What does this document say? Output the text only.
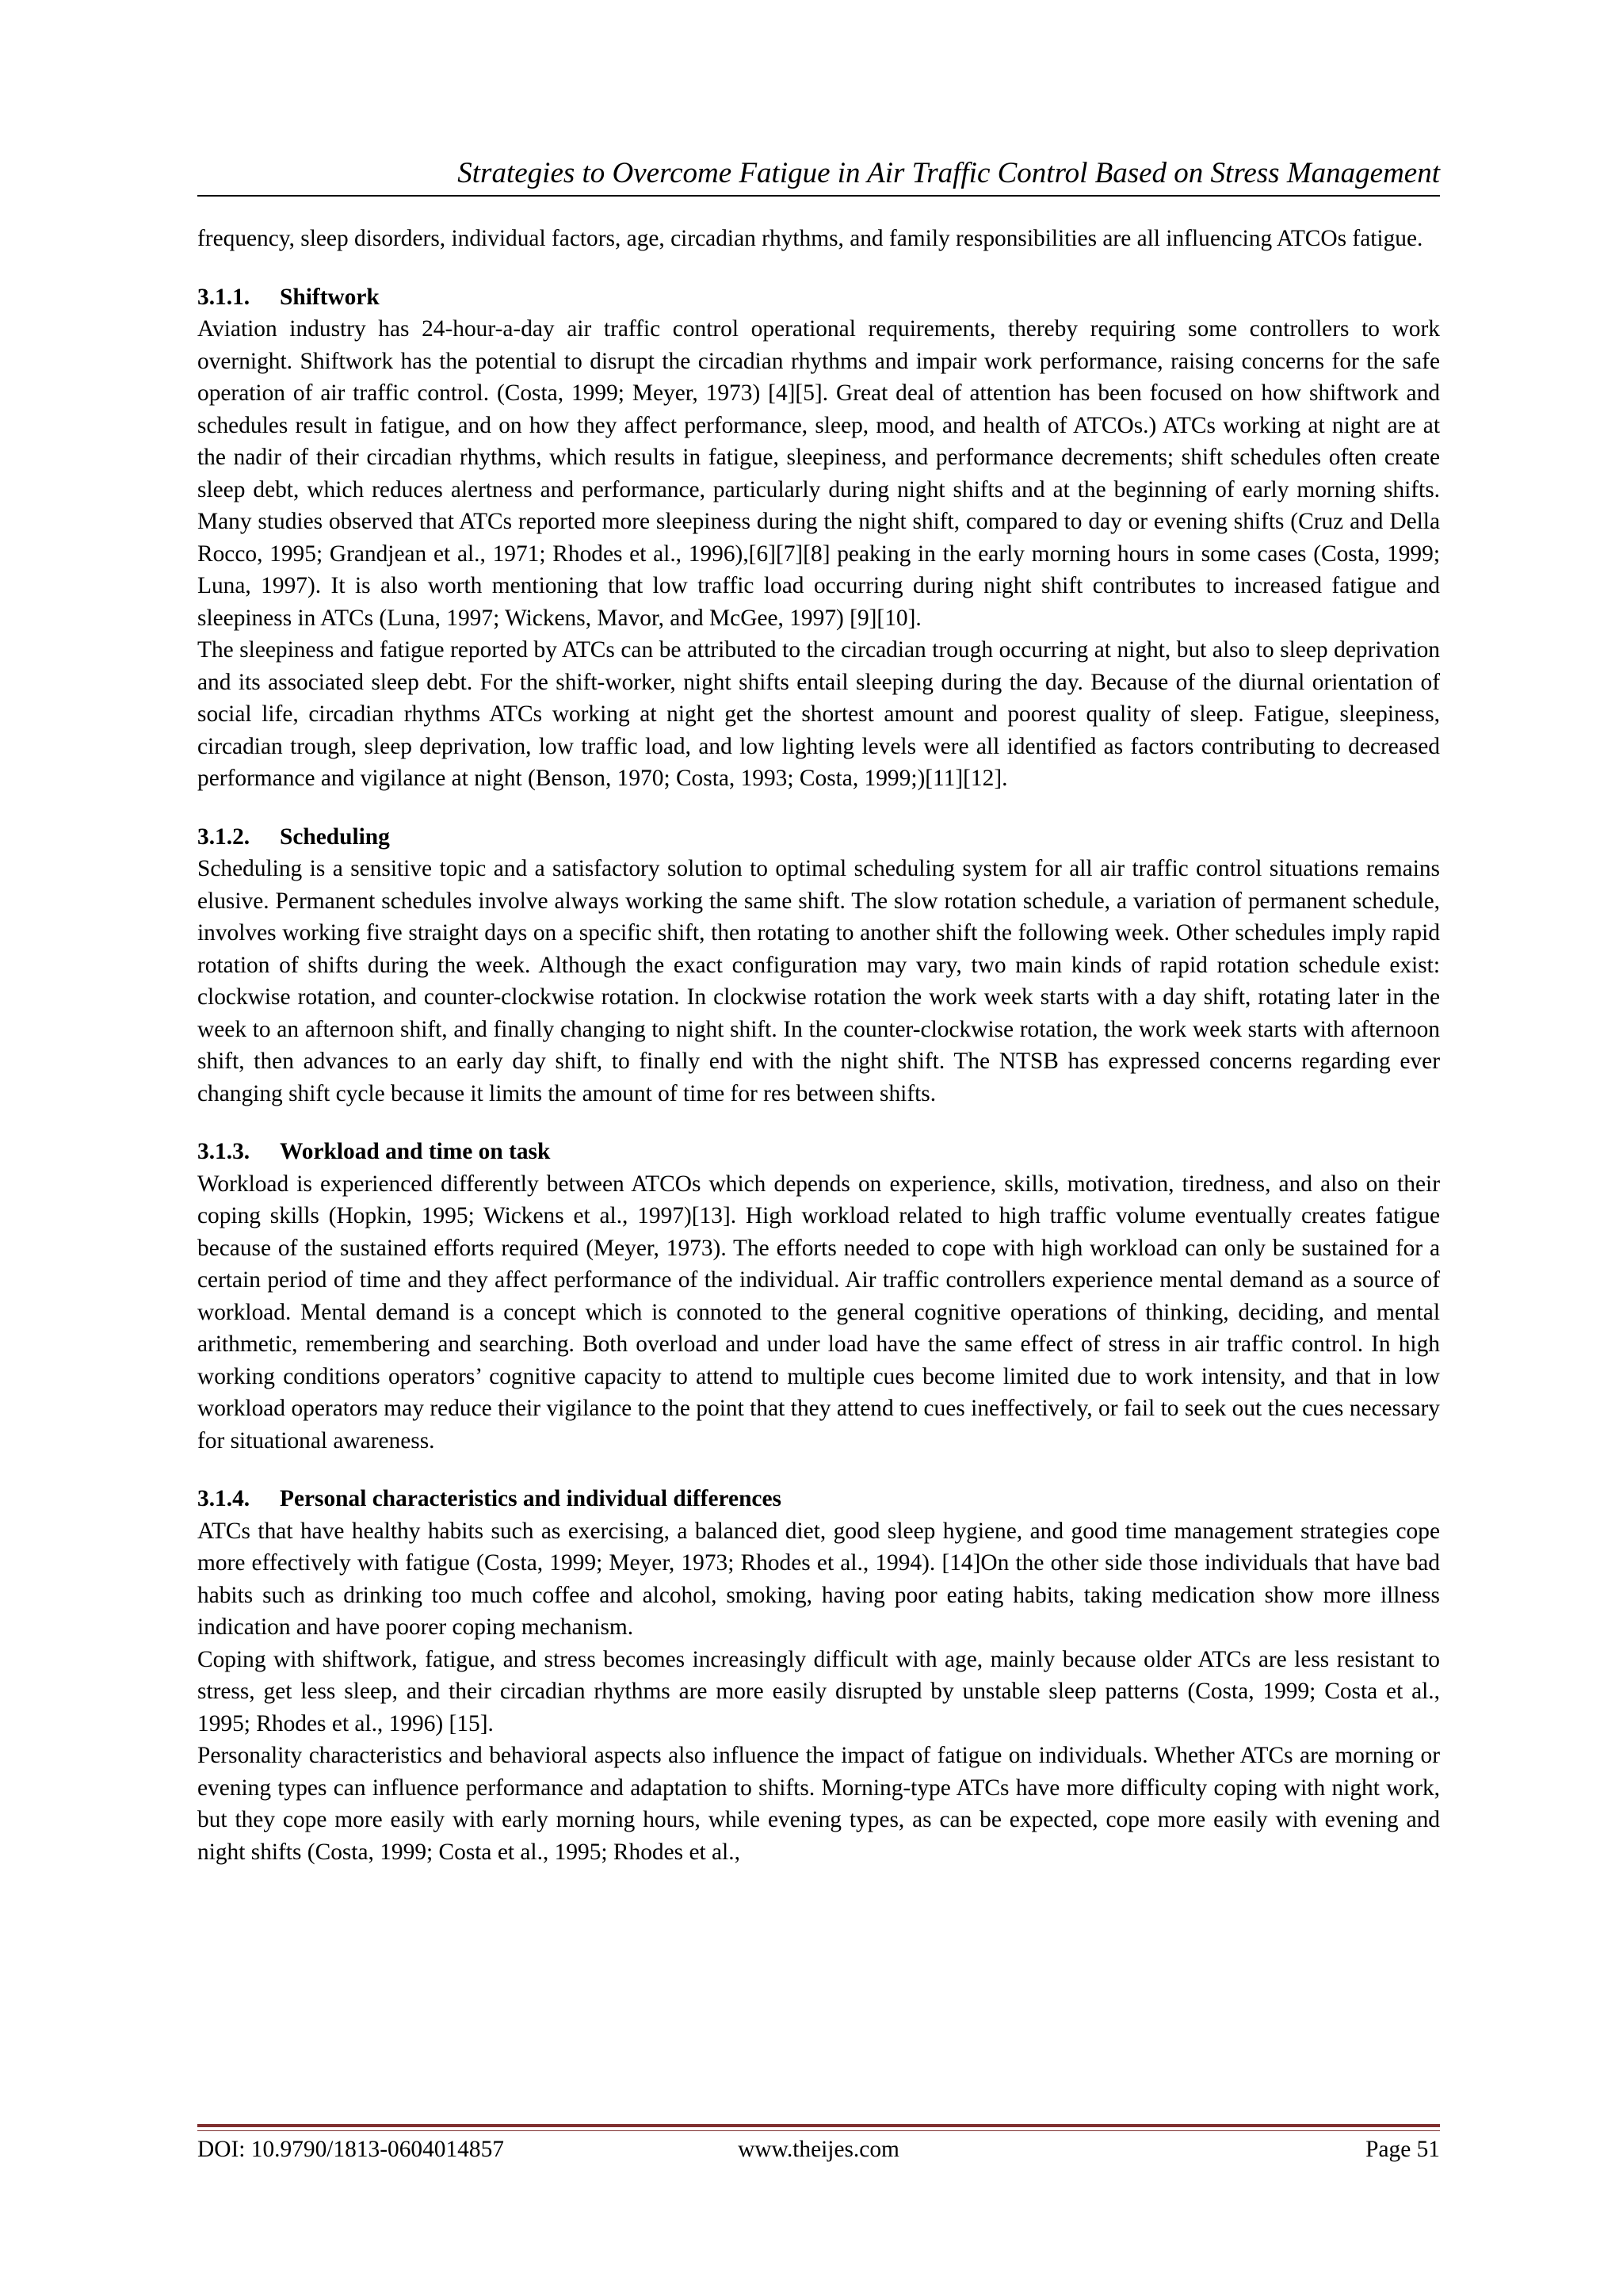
Strategies to Overcome Fatigue in Air Traffic Control Based on Stress Management

frequency, sleep disorders, individual factors, age, circadian rhythms, and family responsibilities are all influencing ATCOs fatigue.

3.1.1. Shiftwork

Aviation industry has 24-hour-a-day air traffic control operational requirements, thereby requiring some controllers to work overnight. Shiftwork has the potential to disrupt the circadian rhythms and impair work performance, raising concerns for the safe operation of air traffic control. (Costa, 1999; Meyer, 1973) [4][5]. Great deal of attention has been focused on how shiftwork and schedules result in fatigue, and on how they affect performance, sleep, mood, and health of ATCOs.) ATCs working at night are at the nadir of their circadian rhythms, which results in fatigue, sleepiness, and performance decrements; shift schedules often create sleep debt, which reduces alertness and performance, particularly during night shifts and at the beginning of early morning shifts. Many studies observed that ATCs reported more sleepiness during the night shift, compared to day or evening shifts (Cruz and Della Rocco, 1995; Grandjean et al., 1971; Rhodes et al., 1996),[6][7][8] peaking in the early morning hours in some cases (Costa, 1999; Luna, 1997). It is also worth mentioning that low traffic load occurring during night shift contributes to increased fatigue and sleepiness in ATCs (Luna, 1997; Wickens, Mavor, and McGee, 1997) [9][10].

The sleepiness and fatigue reported by ATCs can be attributed to the circadian trough occurring at night, but also to sleep deprivation and its associated sleep debt. For the shift-worker, night shifts entail sleeping during the day. Because of the diurnal orientation of social life, circadian rhythms ATCs working at night get the shortest amount and poorest quality of sleep. Fatigue, sleepiness, circadian trough, sleep deprivation, low traffic load, and low lighting levels were all identified as factors contributing to decreased performance and vigilance at night (Benson, 1970; Costa, 1993; Costa, 1999;)[11][12].

3.1.2. Scheduling

Scheduling is a sensitive topic and a satisfactory solution to optimal scheduling system for all air traffic control situations remains elusive. Permanent schedules involve always working the same shift. The slow rotation schedule, a variation of permanent schedule, involves working five straight days on a specific shift, then rotating to another shift the following week. Other schedules imply rapid rotation of shifts during the week. Although the exact configuration may vary, two main kinds of rapid rotation schedule exist: clockwise rotation, and counter-clockwise rotation. In clockwise rotation the work week starts with a day shift, rotating later in the week to an afternoon shift, and finally changing to night shift. In the counter-clockwise rotation, the work week starts with afternoon shift, then advances to an early day shift, to finally end with the night shift. The NTSB has expressed concerns regarding ever changing shift cycle because it limits the amount of time for res between shifts.

3.1.3. Workload and time on task

Workload is experienced differently between ATCOs which depends on experience, skills, motivation, tiredness, and also on their coping skills (Hopkin, 1995; Wickens et al., 1997)[13]. High workload related to high traffic volume eventually creates fatigue because of the sustained efforts required (Meyer, 1973). The efforts needed to cope with high workload can only be sustained for a certain period of time and they affect performance of the individual. Air traffic controllers experience mental demand as a source of workload. Mental demand is a concept which is connoted to the general cognitive operations of thinking, deciding, and mental arithmetic, remembering and searching. Both overload and under load have the same effect of stress in air traffic control. In high working conditions operators’ cognitive capacity to attend to multiple cues become limited due to work intensity, and that in low workload operators may reduce their vigilance to the point that they attend to cues ineffectively, or fail to seek out the cues necessary for situational awareness.

3.1.4. Personal characteristics and individual differences

ATCs that have healthy habits such as exercising, a balanced diet, good sleep hygiene, and good time management strategies cope more effectively with fatigue (Costa, 1999; Meyer, 1973; Rhodes et al., 1994). [14]On the other side those individuals that have bad habits such as drinking too much coffee and alcohol, smoking, having poor eating habits, taking medication show more illness indication and have poorer coping mechanism.

Coping with shiftwork, fatigue, and stress becomes increasingly difficult with age, mainly because older ATCs are less resistant to stress, get less sleep, and their circadian rhythms are more easily disrupted by unstable sleep patterns (Costa, 1999; Costa et al., 1995; Rhodes et al., 1996) [15].

Personality characteristics and behavioral aspects also influence the impact of fatigue on individuals. Whether ATCs are morning or evening types can influence performance and adaptation to shifts. Morning-type ATCs have more difficulty coping with night work, but they cope more easily with early morning hours, while evening types, as can be expected, cope more easily with evening and night shifts (Costa, 1999; Costa et al., 1995; Rhodes et al.,

www.theijes.com
DOI: 10.9790/1813-0604014857	Page 51
